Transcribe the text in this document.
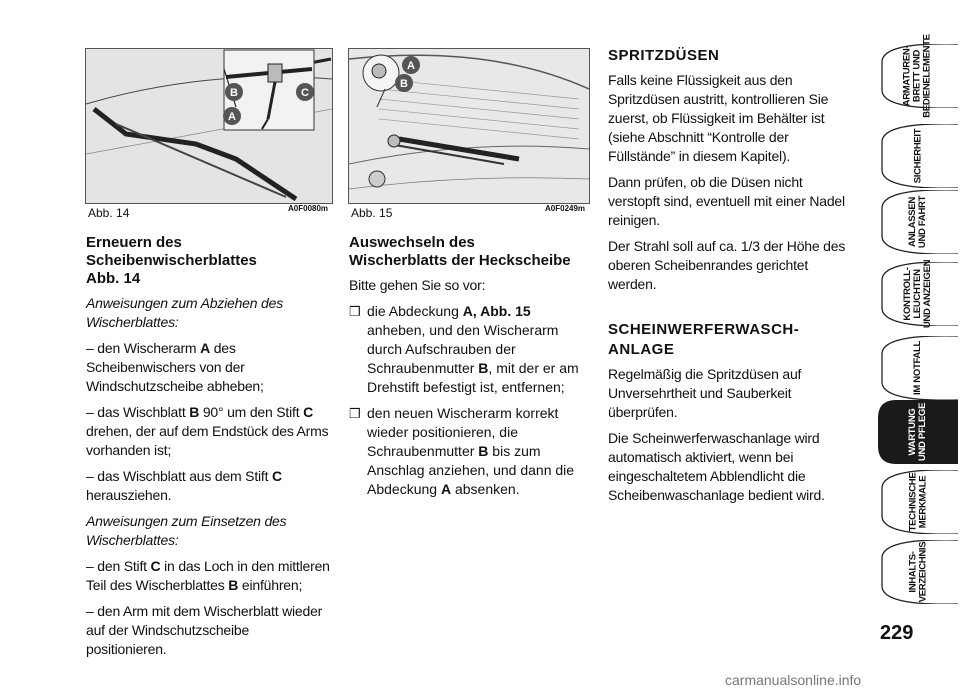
B	C
A
Abb. 14	A0F0080m
A
B
Abb. 15	A0F0249m
Erneuern des
Scheibenwischerblattes
Abb. 14

Anweisungen zum Abziehen des Wischerblattes:

– den Wischerarm A des Scheibenwischers von der Windschutzscheibe abheben;

– das Wischblatt B 90° um den Stift C drehen, der auf dem Endstück des Arms vorhanden ist;

– das Wischblatt aus dem Stift C herausziehen.

Anweisungen zum Einsetzen des Wischerblattes:

– den Stift C in das Loch in den mittleren Teil des Wischerblattes B einführen;

– den Arm mit dem Wischerblatt wieder auf der Windschutzscheibe positionieren.

Auswechseln des
Wischerblatts der Heckscheibe

Bitte gehen Sie so vor:

❒ die Abdeckung A, Abb. 15 anheben, und den Wischerarm durch Aufschrauben der Schraubenmutter B, mit der er am Drehstift befestigt ist, entfernen;
❒ den neuen Wischerarm korrekt wieder positionieren, die Schraubenmutter B bis zum Anschlag anziehen, und dann die Abdeckung A absenken.
SPRITZDÜSEN

Falls keine Flüssigkeit aus den Spritzdüsen austritt, kontrollieren Sie zuerst, ob Flüssigkeit im Behälter ist (siehe Abschnitt “Kontrolle der Füllstände” in diesem Kapitel).

Dann prüfen, ob die Düsen nicht verstopft sind, eventuell mit einer Nadel reinigen.

Der Strahl soll auf ca. 1/3 der Höhe des oberen Scheibenrandes gerichtet werden.

SCHEINWERFERWASCH-
ANLAGE

Regelmäßig die Spritzdüsen auf Unversehrtheit und Sauberkeit überprüfen.

Die Scheinwerferwaschanlage wird automatisch aktiviert, wenn bei eingeschaltetem Abblendlicht die Scheibenwaschanlage bedient wird.

ARMATUREN-
BRETT UND
BEDIENELEMENTE
SICHERHEIT
ANLASSEN
UND FAHRT
KONTROLL-
LEUCHTEN
UND ANZEIGEN
IM NOTFALL
WARTUNG
UND PFLEGE
TECHNISCHE
MERKMALE
INHALTS-
VERZEICHNIS
229
carmanualsonline.info
